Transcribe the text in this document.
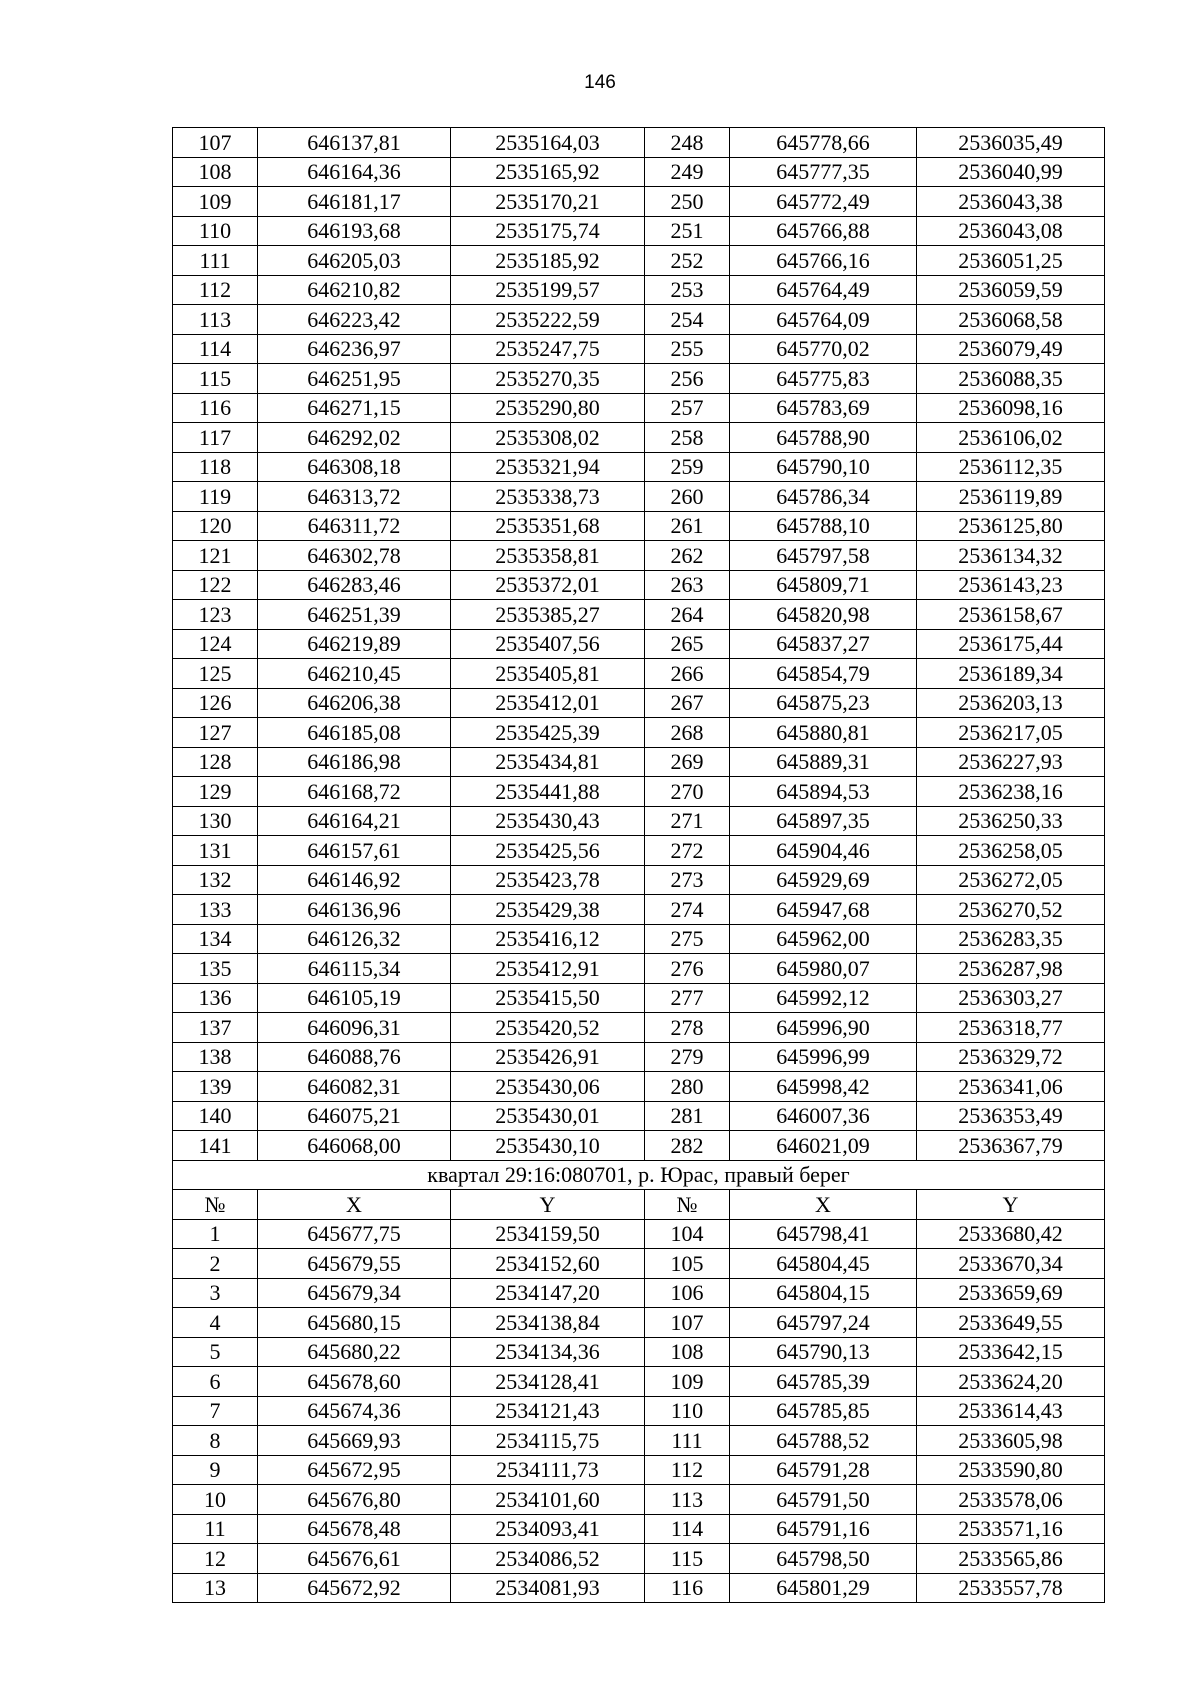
146
107	646137,81	2535164,03	248	645778,66	2536035,49
108	646164,36	2535165,92	249	645777,35	2536040,99
109	646181,17	2535170,21	250	645772,49	2536043,38
110	646193,68	2535175,74	251	645766,88	2536043,08
111	646205,03	2535185,92	252	645766,16	2536051,25
112	646210,82	2535199,57	253	645764,49	2536059,59
113	646223,42	2535222,59	254	645764,09	2536068,58
114	646236,97	2535247,75	255	645770,02	2536079,49
115	646251,95	2535270,35	256	645775,83	2536088,35
116	646271,15	2535290,80	257	645783,69	2536098,16
117	646292,02	2535308,02	258	645788,90	2536106,02
118	646308,18	2535321,94	259	645790,10	2536112,35
119	646313,72	2535338,73	260	645786,34	2536119,89
120	646311,72	2535351,68	261	645788,10	2536125,80
121	646302,78	2535358,81	262	645797,58	2536134,32
122	646283,46	2535372,01	263	645809,71	2536143,23
123	646251,39	2535385,27	264	645820,98	2536158,67
124	646219,89	2535407,56	265	645837,27	2536175,44
125	646210,45	2535405,81	266	645854,79	2536189,34
126	646206,38	2535412,01	267	645875,23	2536203,13
127	646185,08	2535425,39	268	645880,81	2536217,05
128	646186,98	2535434,81	269	645889,31	2536227,93
129	646168,72	2535441,88	270	645894,53	2536238,16
130	646164,21	2535430,43	271	645897,35	2536250,33
131	646157,61	2535425,56	272	645904,46	2536258,05
132	646146,92	2535423,78	273	645929,69	2536272,05
133	646136,96	2535429,38	274	645947,68	2536270,52
134	646126,32	2535416,12	275	645962,00	2536283,35
135	646115,34	2535412,91	276	645980,07	2536287,98
136	646105,19	2535415,50	277	645992,12	2536303,27
137	646096,31	2535420,52	278	645996,90	2536318,77
138	646088,76	2535426,91	279	645996,99	2536329,72
139	646082,31	2535430,06	280	645998,42	2536341,06
140	646075,21	2535430,01	281	646007,36	2536353,49
141	646068,00	2535430,10	282	646021,09	2536367,79
квартал 29:16:080701, р. Юрас, правый берег					
№	X	Y	№	X	Y
1	645677,75	2534159,50	104	645798,41	2533680,42
2	645679,55	2534152,60	105	645804,45	2533670,34
3	645679,34	2534147,20	106	645804,15	2533659,69
4	645680,15	2534138,84	107	645797,24	2533649,55
5	645680,22	2534134,36	108	645790,13	2533642,15
6	645678,60	2534128,41	109	645785,39	2533624,20
7	645674,36	2534121,43	110	645785,85	2533614,43
8	645669,93	2534115,75	111	645788,52	2533605,98
9	645672,95	2534111,73	112	645791,28	2533590,80
10	645676,80	2534101,60	113	645791,50	2533578,06
11	645678,48	2534093,41	114	645791,16	2533571,16
12	645676,61	2534086,52	115	645798,50	2533565,86
13	645672,92	2534081,93	116	645801,29	2533557,78
